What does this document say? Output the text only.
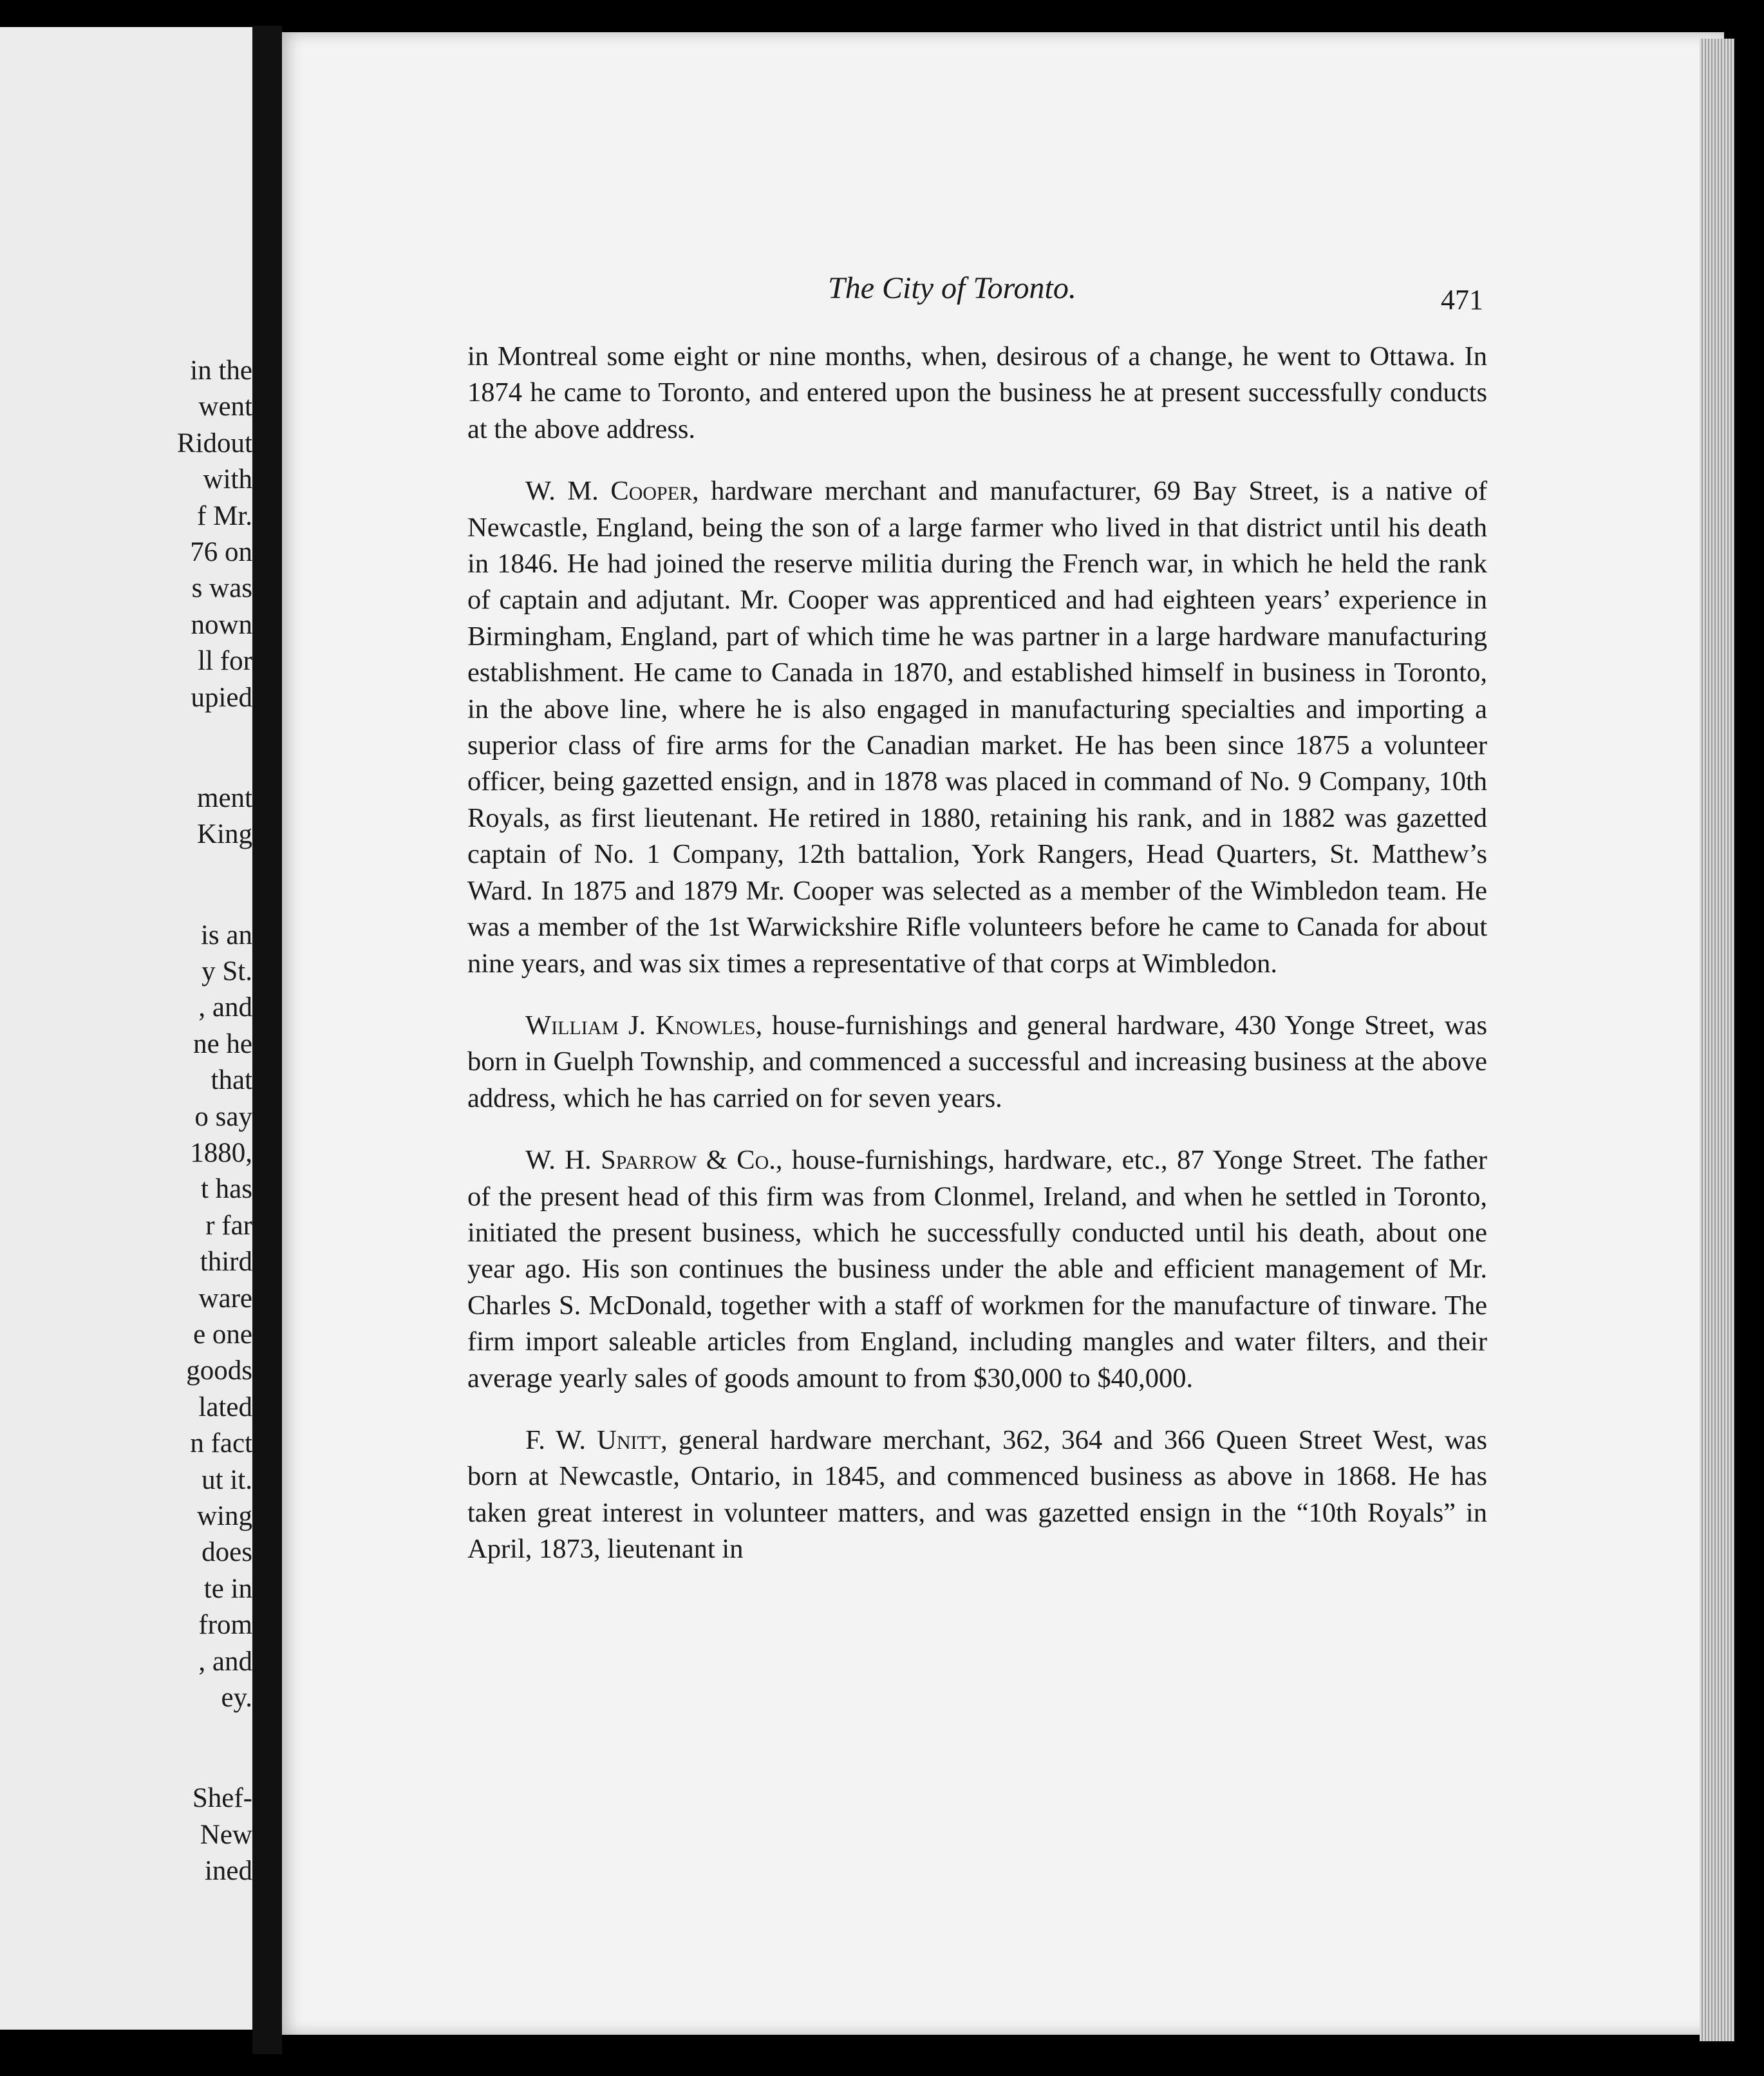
in the
went
Ridout
with
f Mr.
76 on
s was
nown
ll for
upied
ment
King
is an
y St.
, and
ne he
that
o say
1880,
t has
r far
third
ware
e one
goods
lated
n fact
ut it.
wing
does
te in
from
, and
ey.
Shef-
New
ined
The City of Toronto.	471

in Montreal some eight or nine months, when, desirous of a change, he went to Ottawa. In 1874 he came to Toronto, and entered upon the business he at present successfully conducts at the above address.

W. M. Cooper, hardware merchant and manufacturer, 69 Bay Street, is a native of Newcastle, England, being the son of a large farmer who lived in that district until his death in 1846. He had joined the reserve militia during the French war, in which he held the rank of captain and adjutant. Mr. Cooper was apprenticed and had eighteen years’ experience in Birmingham, England, part of which time he was partner in a large hardware manufacturing establishment. He came to Canada in 1870, and established himself in business in Toronto, in the above line, where he is also engaged in manufacturing specialties and importing a superior class of fire arms for the Canadian market. He has been since 1875 a volunteer officer, being gazetted ensign, and in 1878 was placed in command of No. 9 Company, 10th Royals, as first lieutenant. He retired in 1880, retaining his rank, and in 1882 was gazetted captain of No. 1 Company, 12th battalion, York Rangers, Head Quarters, St. Matthew’s Ward. In 1875 and 1879 Mr. Cooper was selected as a member of the Wimbledon team. He was a member of the 1st Warwickshire Rifle volunteers before he came to Canada for about nine years, and was six times a representative of that corps at Wimbledon.

William J. Knowles, house-furnishings and general hardware, 430 Yonge Street, was born in Guelph Township, and commenced a successful and increasing business at the above address, which he has carried on for seven years.

W. H. Sparrow & Co., house-furnishings, hardware, etc., 87 Yonge Street. The father of the present head of this firm was from Clonmel, Ireland, and when he settled in Toronto, initiated the present business, which he successfully conducted until his death, about one year ago. His son continues the business under the able and efficient management of Mr. Charles S. McDonald, together with a staff of workmen for the manufacture of tinware. The firm import saleable articles from England, including mangles and water filters, and their average yearly sales of goods amount to from $30,000 to $40,000.

F. W. Unitt, general hardware merchant, 362, 364 and 366 Queen Street West, was born at Newcastle, Ontario, in 1845, and commenced business as above in 1868. He has taken great interest in volunteer matters, and was gazetted ensign in the “10th Royals” in April, 1873, lieutenant in
